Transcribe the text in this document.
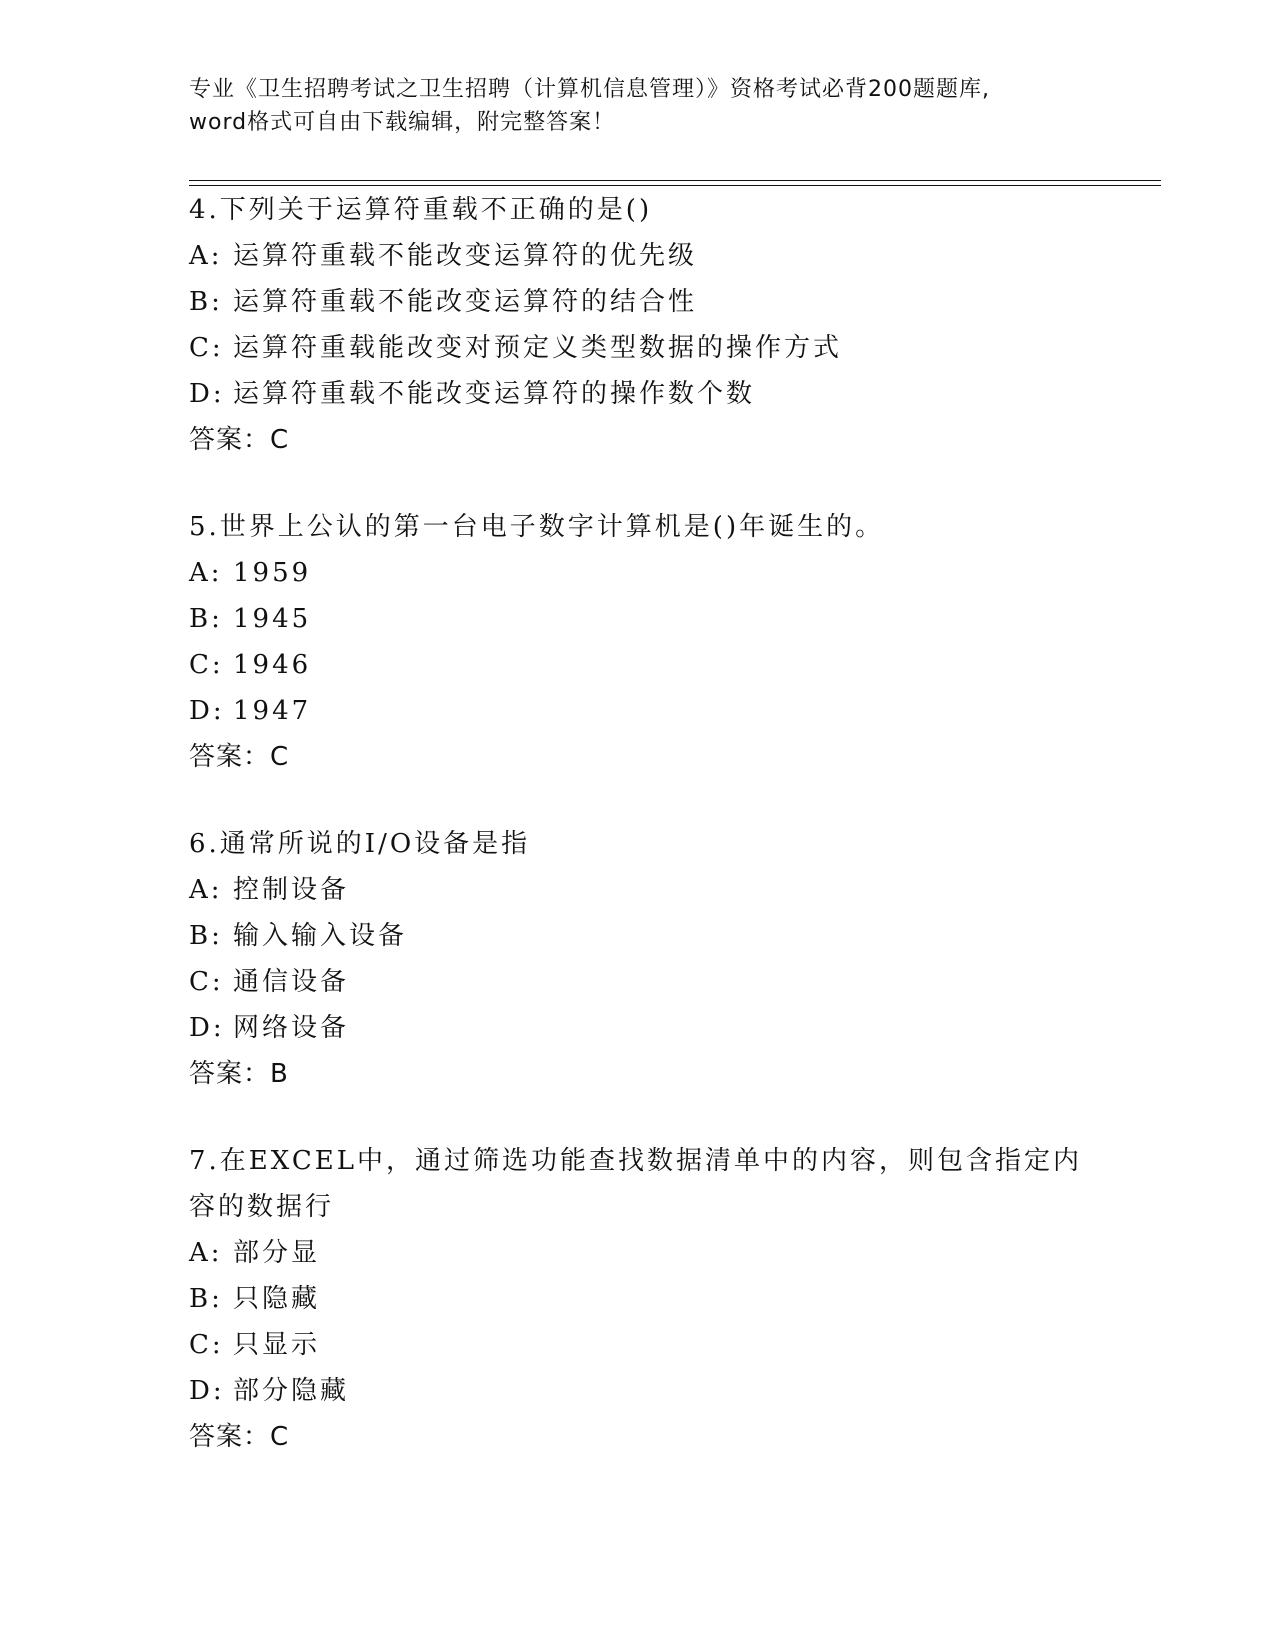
专业《卫生招聘考试之卫生招聘（计算机信息管理）》资格考试必背200题题库,
word格式可自由下载编辑，附完整答案！
4.下列关于运算符重载不正确的是()
A: 运算符重载不能改变运算符的优先级
B: 运算符重载不能改变运算符的结合性
C: 运算符重载能改变对预定义类型数据的操作方式
D: 运算符重载不能改变运算符的操作数个数
答案：C
5.世界上公认的第一台电子数字计算机是()年诞生的。
A: 1959
B: 1945
C: 1946
D: 1947
答案：C
6.通常所说的I/O设备是指
A: 控制设备
B: 输入输入设备
C: 通信设备
D: 网络设备
答案：B
7.在EXCEL中，通过筛选功能查找数据清单中的内容，则包含指定内
容的数据行
A: 部分显
B: 只隐藏
C: 只显示
D: 部分隐藏
答案：C
